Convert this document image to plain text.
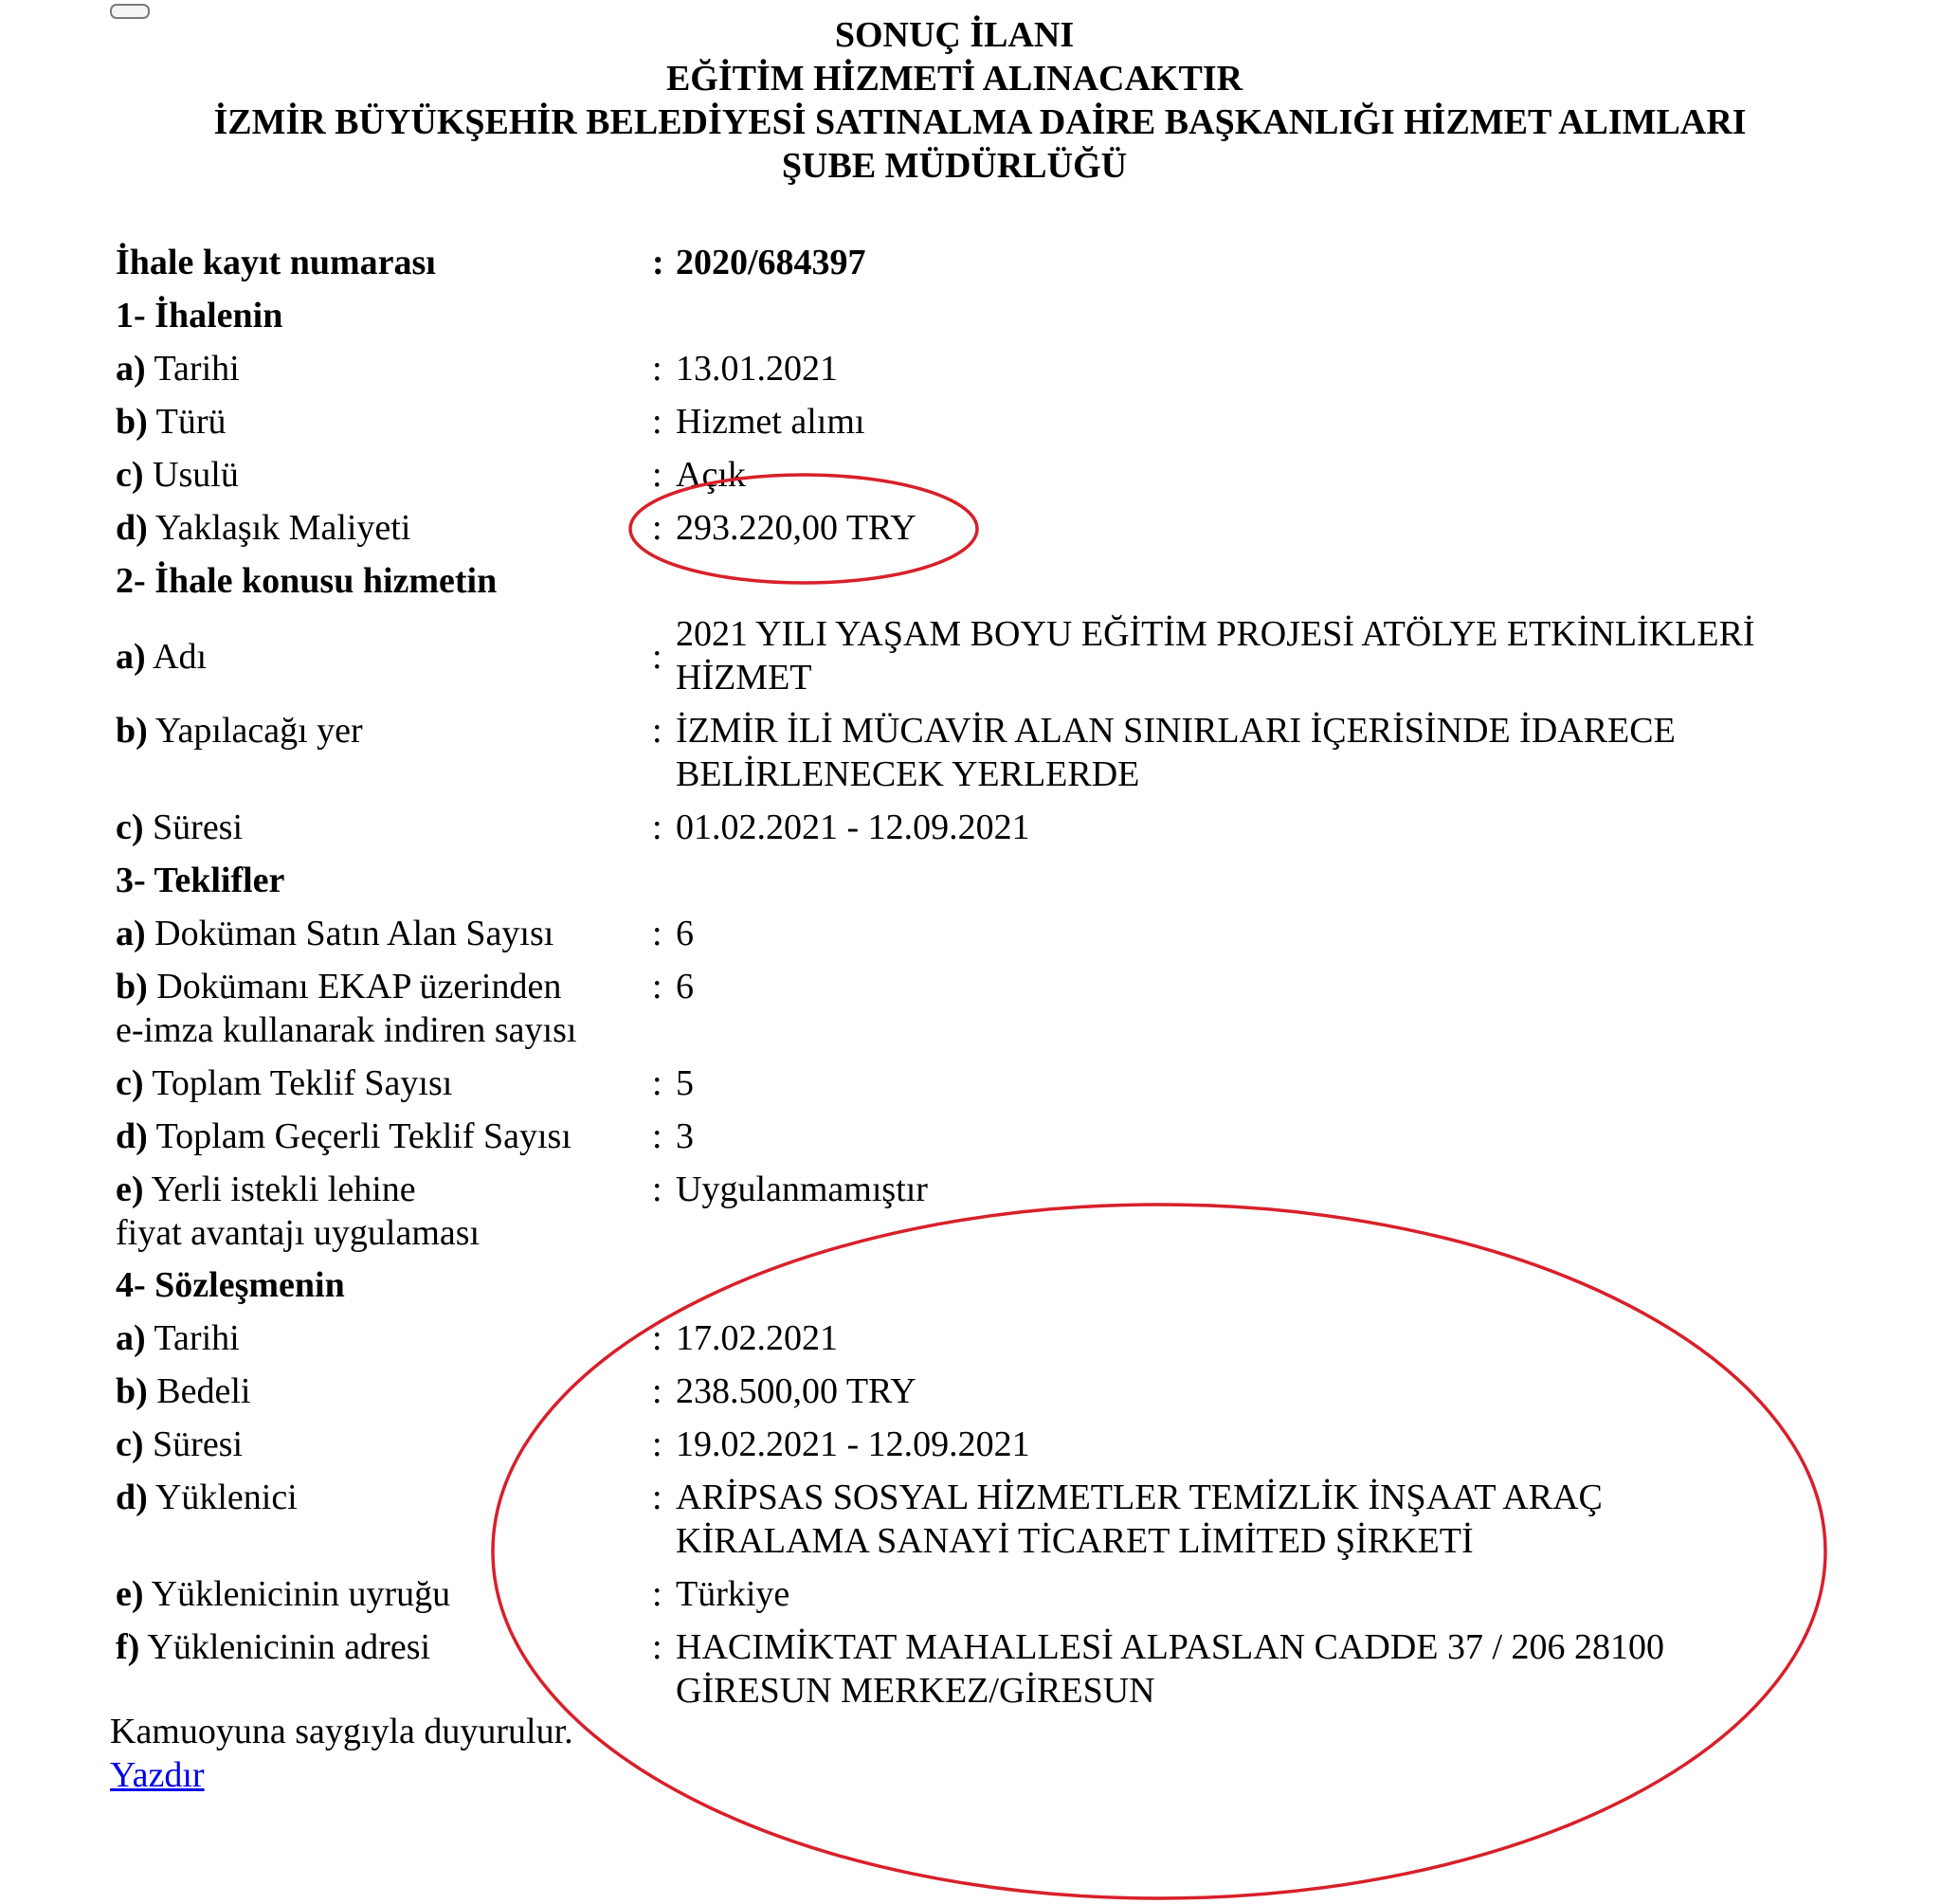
SONUÇ İLANI
EĞİTİM HİZMETİ ALINACAKTIR
İZMİR BÜYÜKŞEHİR BELEDİYESİ SATINALMA DAİRE BAŞKANLIĞI HİZMET ALIMLARI
ŞUBE MÜDÜRLÜĞÜ
İhale kayıt numarası	: 2020/684397
1- İhalenin
a) Tarihi	: 13.01.2021
b) Türü	: Hizmet alımı
c) Usulü	: Açık
d) Yaklaşık Maliyeti	: 293.220,00 TRY
2- İhale konusu hizmetin
a) Adı	:
2021 YILI YAŞAM BOYU EĞİTİM PROJESİ ATÖLYE ETKİNLİKLERİ
HİZMET
b) Yapılacağı yer	: İZMİR İLİ MÜCAVİR ALAN SINIRLARI İÇERİSİNDE İDARECE
BELİRLENECEK YERLERDE
c) Süresi	: 01.02.2021 - 12.09.2021
3- Teklifler
a) Doküman Satın Alan Sayısı	: 6
b) Dokümanı EKAP üzerinden
e-imza kullanarak indiren sayısı
: 6
c) Toplam Teklif Sayısı	: 5
d) Toplam Geçerli Teklif Sayısı	: 3
e) Yerli istekli lehine
fiyat avantajı uygulaması
: Uygulanmamıştır
4- Sözleşmenin
a) Tarihi	: 17.02.2021
b) Bedeli	: 238.500,00 TRY
c) Süresi	: 19.02.2021 - 12.09.2021
d) Yüklenici	: ARİPSAS SOSYAL HİZMETLER TEMİZLİK İNŞAAT ARAÇ
KİRALAMA SANAYİ TİCARET LİMİTED ŞİRKETİ
e) Yüklenicinin uyruğu	: Türkiye
f) Yüklenicinin adresi	: HACIMİKTAT MAHALLESİ ALPASLAN CADDE 37 / 206 28100
GİRESUN MERKEZ/GİRESUN
Kamuoyuna saygıyla duyurulur.
Yazdır
